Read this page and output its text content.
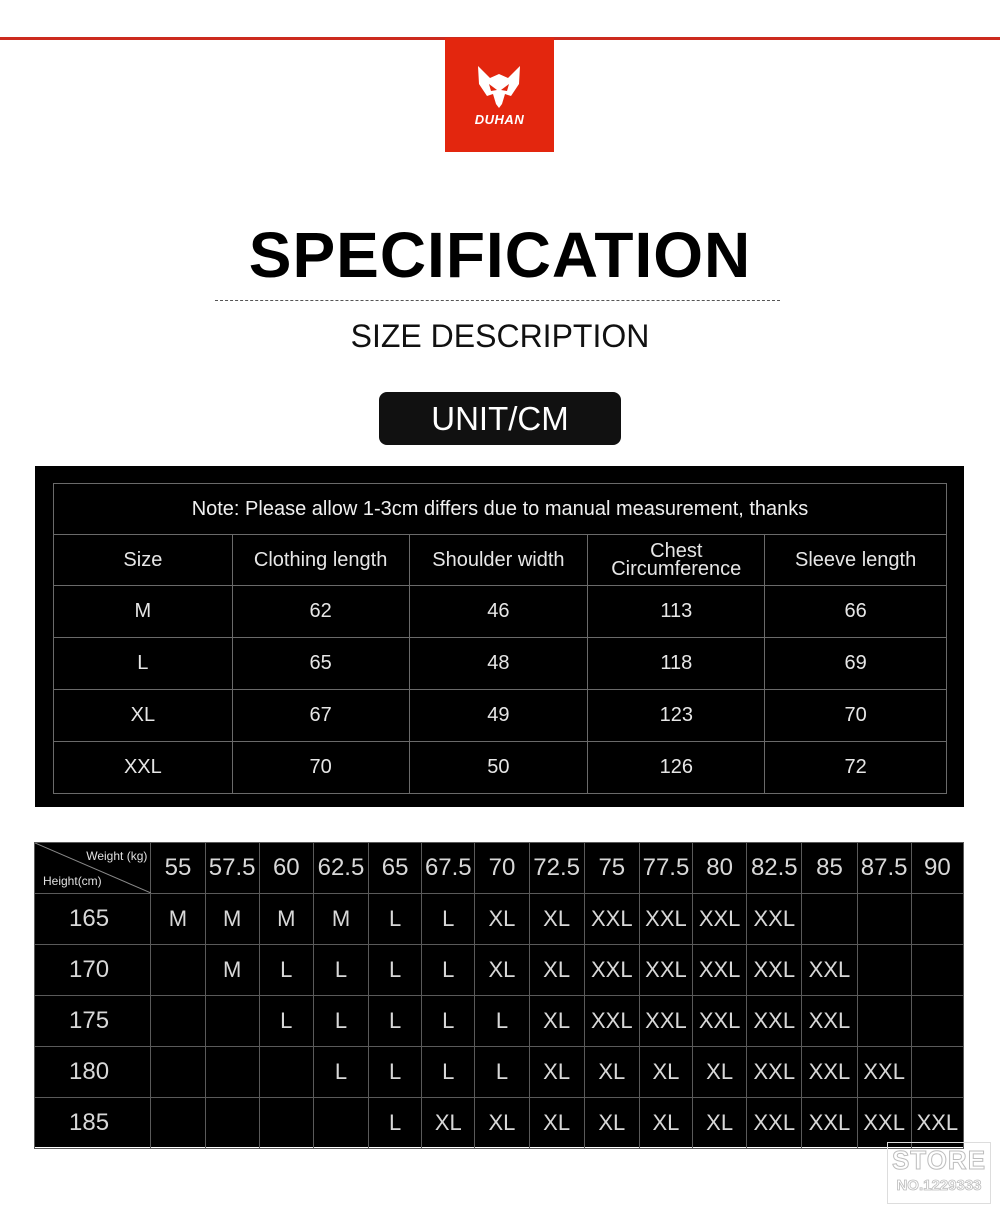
DUHAN
SPECIFICATION
SIZE DESCRIPTION
UNIT/CM
Note: Please allow 1-3cm differs due to manual measurement, thanks				
Size	Clothing length	Shoulder width	Chest
Circumference	Sleeve length
M	62	46	113	66
L	65	48	118	69
XL	67	49	123	70
XXL	70	50	126	72
Weight (kg)
Height(cm)	55	57.5	60	62.5	65	67.5	70	72.5	75	77.5	80	82.5	85	87.5	90
165	M	M	M	M	L	L	XL	XL	XXL	XXL	XXL	XXL			
170		M	L	L	L	L	XL	XL	XXL	XXL	XXL	XXL	XXL		
175			L	L	L	L	L	XL	XXL	XXL	XXL	XXL	XXL		
180				L	L	L	L	XL	XL	XL	XL	XXL	XXL	XXL	
185					L	XL	XL	XL	XL	XL	XL	XXL	XXL	XXL	XXL
STORE
NO.1229333
